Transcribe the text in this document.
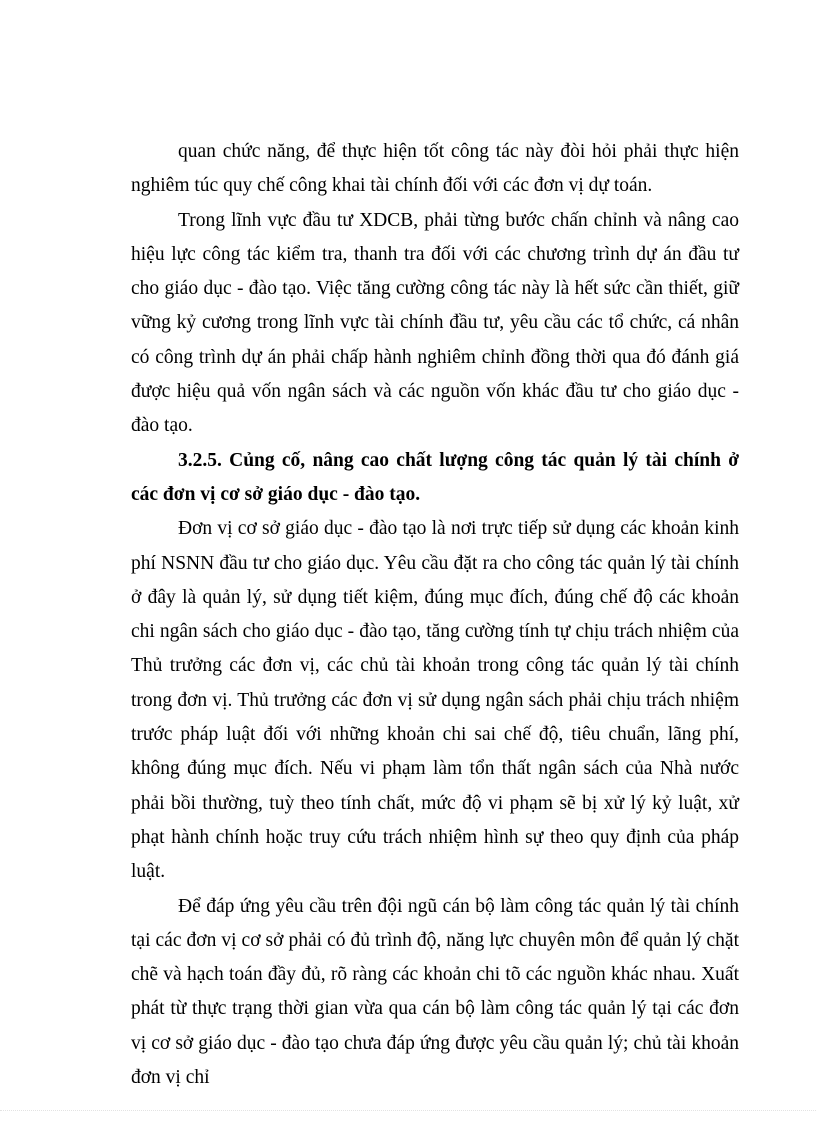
quan chức năng, để thực hiện tốt công tác này đòi hỏi phải thực hiện nghiêm túc quy chế công khai tài chính đối với các đơn vị dự toán.

Trong lĩnh vực đầu tư XDCB, phải từng bước chấn chỉnh và nâng cao hiệu lực công tác kiểm tra, thanh tra đối với các chương trình dự án đầu tư cho giáo dục - đào tạo. Việc tăng cường công tác này là hết sức cần thiết, giữ vững kỷ cương trong lĩnh vực tài chính đầu tư, yêu cầu các tổ chức, cá nhân có công trình dự án phải chấp hành nghiêm chỉnh đồng thời qua đó đánh giá được hiệu quả vốn ngân sách và các nguồn vốn khác đầu tư cho giáo dục - đào tạo.

3.2.5. Củng cố, nâng cao chất lượng công tác quản lý tài chính ở các đơn vị cơ sở giáo dục - đào tạo.

Đơn vị cơ sở giáo dục - đào tạo là nơi trực tiếp sử dụng các khoản kinh phí NSNN đầu tư cho giáo dục. Yêu cầu đặt ra cho công tác quản lý tài chính ở đây là quản lý, sử dụng tiết kiệm, đúng mục đích, đúng chế độ các khoản chi ngân sách cho giáo dục - đào tạo, tăng cường tính tự chịu trách nhiệm của Thủ trưởng các đơn vị, các chủ tài khoản trong công tác quản lý tài chính trong đơn vị. Thủ trưởng các đơn vị sử dụng ngân sách phải chịu trách nhiệm trước pháp luật đối với những khoản chi sai chế độ, tiêu chuẩn, lãng phí, không đúng mục đích. Nếu vi phạm làm tổn thất ngân sách của Nhà nước phải bồi thường, tuỳ theo tính chất, mức độ vi phạm sẽ bị xử lý kỷ luật, xử phạt hành chính hoặc truy cứu trách nhiệm hình sự theo quy định của pháp luật.

Để đáp ứng yêu cầu trên đội ngũ cán bộ làm công tác quản lý tài chính tại các đơn vị cơ sở phải có đủ trình độ, năng lực chuyên môn để quản lý chặt chẽ và hạch toán đầy đủ, rõ ràng các khoản chi tõ các nguồn khác nhau. Xuất phát từ thực trạng thời gian vừa qua cán bộ làm công tác quản lý tại các đơn vị cơ sở giáo dục - đào tạo chưa đáp ứng được yêu cầu quản lý; chủ tài khoản đơn vị chỉ
